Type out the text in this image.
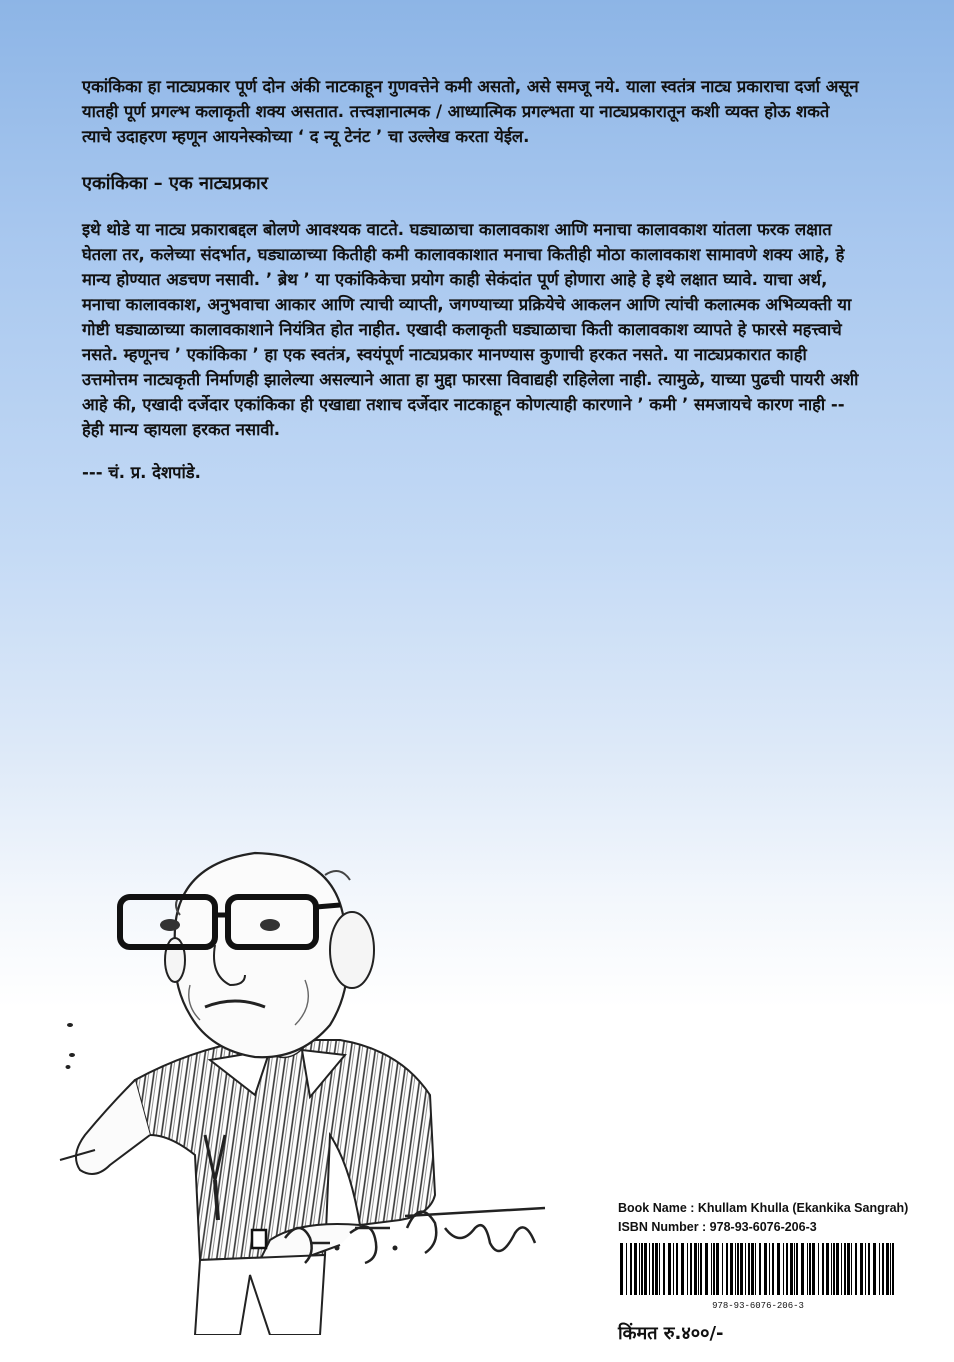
एकांकिका हा नाट्यप्रकार पूर्ण दोन अंकी नाटकाहून गुणवत्तेने कमी असतो, असे समजू नये. याला स्वतंत्र नाट्य प्रकाराचा दर्जा असून यातही पूर्ण प्रगल्भ कलाकृती शक्य असतात. तत्त्वज्ञानात्मक / आध्यात्मिक प्रगल्भता या नाट्यप्रकारातून कशी व्यक्त होऊ शकते त्याचे उदाहरण म्हणून आयनेस्कोच्या ‘ द न्यू टेनंट ’ चा उल्लेख करता येईल.

एकांकिका – एक नाट्यप्रकार

इथे थोडे या नाट्य प्रकाराबद्दल बोलणे आवश्यक वाटते. घड्याळाचा कालावकाश आणि मनाचा कालावकाश यांतला फरक लक्षात घेतला तर, कलेच्या संदर्भात, घड्याळाच्या कितीही कमी कालावकाशात मनाचा कितीही मोठा कालावकाश सामावणे शक्य आहे, हे मान्य होण्यात अडचण नसावी. ’ ब्रेथ ’ या एकांकिकेचा प्रयोग काही सेकंदांत पूर्ण होणारा आहे हे इथे लक्षात घ्यावे. याचा अर्थ, मनाचा कालावकाश, अनुभवाचा आकार आणि त्याची व्याप्ती, जगण्याच्या प्रक्रियेचे आकलन आणि त्यांची कलात्मक अभिव्यक्ती या गोष्टी घड्याळाच्या कालावकाशाने नियंत्रित होत नाहीत. एखादी कलाकृती घड्याळाचा किती कालावकाश व्यापते हे फारसे महत्त्वाचे नसते. म्हणूनच ’ एकांकिका ’ हा एक स्वतंत्र, स्वयंपूर्ण नाट्यप्रकार मानण्यास कुणाची हरकत नसते. या नाट्यप्रकारात काही उत्तमोत्तम नाट्यकृती निर्माणही झालेल्या असल्याने आता हा मुद्दा फारसा विवाद्यही राहिलेला नाही. त्यामुळे, याच्या पुढची पायरी अशी आहे की, एखादी दर्जेदार एकांकिका ही एखाद्या तशाच दर्जेदार नाटकाहून कोणत्याही कारणाने ’ कमी ’ समजायचे कारण नाही -- हेही मान्य व्हायला हरकत नसावी.

--- चं. प्र. देशपांडे.
Book Name : Khullam Khulla (Ekankika Sangrah)
ISBN Number : 978-93-6076-206-3
978-93-6076-206-3
किंमत रु.४००/-
